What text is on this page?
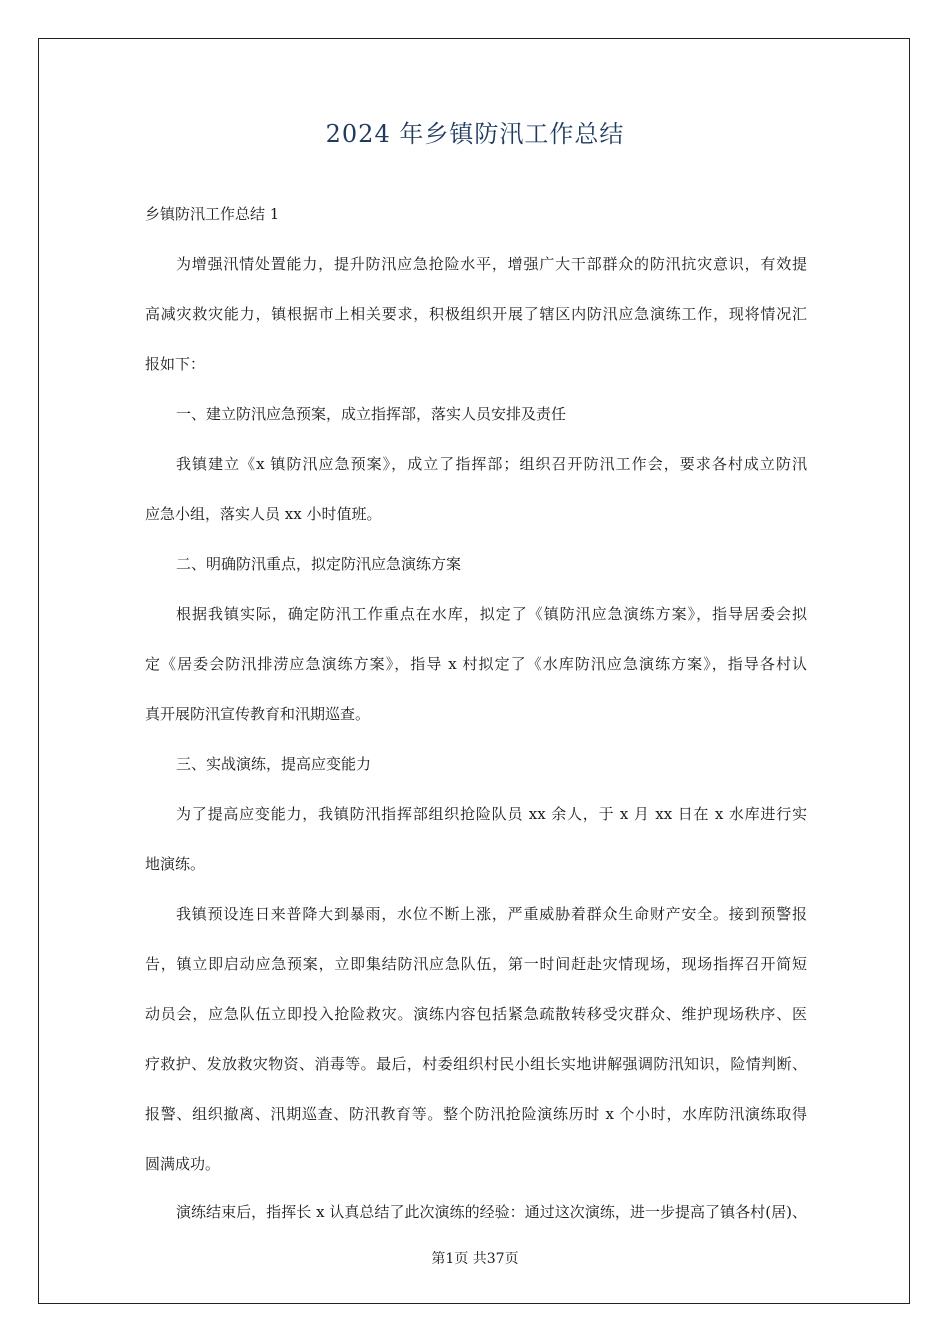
2024 年乡镇防汛工作总结
乡镇防汛工作总结 1
为增强汛情处置能力，提升防汛应急抢险水平，增强广大干部群众的防汛抗灾意识，有效提
高减灾救灾能力，镇根据市上相关要求，积极组织开展了辖区内防汛应急演练工作，现将情况汇
报如下：
一、建立防汛应急预案，成立指挥部，落实人员安排及责任
我镇建立《x 镇防汛应急预案》，成立了指挥部；组织召开防汛工作会，要求各村成立防汛
应急小组，落实人员 xx 小时值班。
二、明确防汛重点，拟定防汛应急演练方案
根据我镇实际，确定防汛工作重点在水库，拟定了《镇防汛应急演练方案》，指导居委会拟
定《居委会防汛排涝应急演练方案》，指导 x 村拟定了《水库防汛应急演练方案》，指导各村认
真开展防汛宣传教育和汛期巡查。
三、实战演练，提高应变能力
为了提高应变能力，我镇防汛指挥部组织抢险队员 xx 余人，于 x 月 xx 日在 x 水库进行实
地演练。
我镇预设连日来普降大到暴雨，水位不断上涨，严重威胁着群众生命财产安全。接到预警报
告，镇立即启动应急预案，立即集结防汛应急队伍，第一时间赶赴灾情现场，现场指挥召开简短
动员会，应急队伍立即投入抢险救灾。演练内容包括紧急疏散转移受灾群众、维护现场秩序、医
疗救护、发放救灾物资、消毒等。最后，村委组织村民小组长实地讲解强调防汛知识，险情判断、
报警、组织撤离、汛期巡查、防汛教育等。整个防汛抢险演练历时 x 个小时，水库防汛演练取得
圆满成功。
演练结束后，指挥长 x 认真总结了此次演练的经验：通过这次演练，进一步提高了镇各村(居)、
第1页 共37页
